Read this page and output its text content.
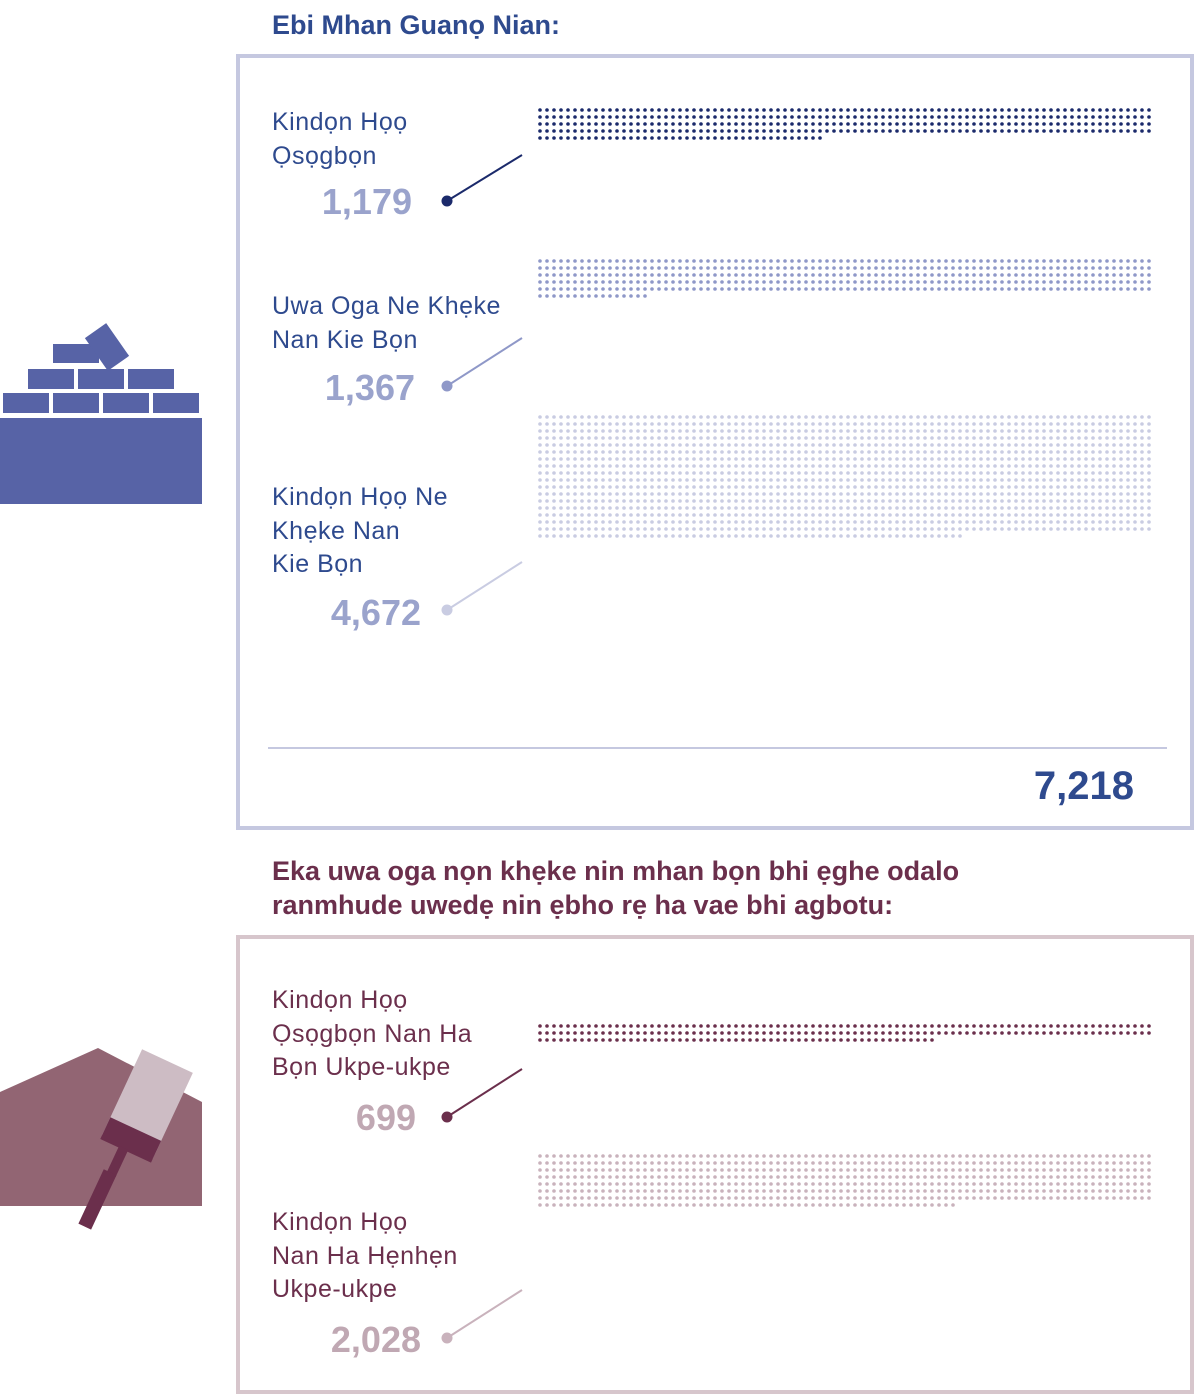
Ebi Mhan Guanọ Nian:
Kindọn Họọ
Ọsọgbọn
1,179
Uwa Oga Ne Khẹke
Nan Kie Bọn
1,367
Kindọn Họọ Ne
Khẹke Nan
Kie Bọn
4,672
7,218
Eka uwa oga nọn khẹke nin mhan bọn bhi ẹghe odalo
ranmhude uwedẹ nin ẹbho rẹ ha vae bhi agbotu:
Kindọn Họọ
Ọsọgbọn Nan Ha
Bọn Ukpe-ukpe
699
Kindọn Họọ
Nan Ha Hẹnhẹn
Ukpe-ukpe
2,028
